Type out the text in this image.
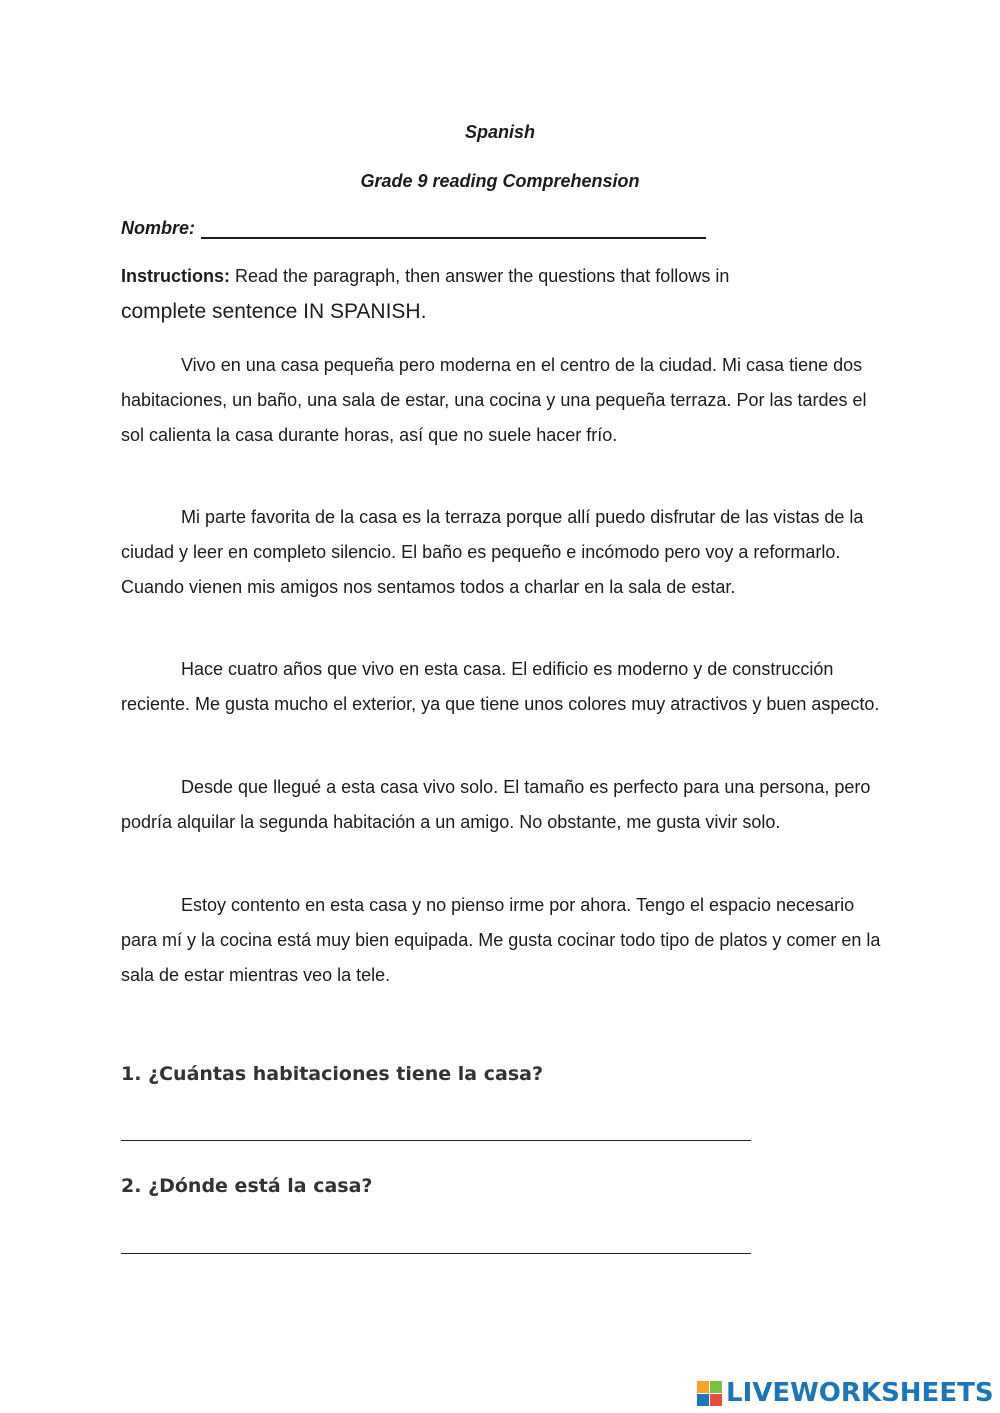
Spanish
Grade 9 reading Comprehension
Nombre:
Instructions: Read the paragraph, then answer the questions that follows in
complete sentence IN SPANISH.

Vivo en una casa pequeña pero moderna en el centro de la ciudad. Mi casa tiene dos habitaciones, un baño, una sala de estar, una cocina y una pequeña terraza. Por las tardes el sol calienta la casa durante horas, así que no suele hacer frío.

Mi parte favorita de la casa es la terraza porque allí puedo disfrutar de las vistas de la ciudad y leer en completo silencio. El baño es pequeño e incómodo pero voy a reformarlo. Cuando vienen mis amigos nos sentamos todos a charlar en la sala de estar.

Hace cuatro años que vivo en esta casa. El edificio es moderno y de construcción reciente. Me gusta mucho el exterior, ya que tiene unos colores muy atractivos y buen aspecto.

Desde que llegué a esta casa vivo solo. El tamaño es perfecto para una persona, pero podría alquilar la segunda habitación a un amigo. No obstante, me gusta vivir solo.

Estoy contento en esta casa y no pienso irme por ahora. Tengo el espacio necesario para mí y la cocina está muy bien equipada. Me gusta cocinar todo tipo de platos y comer en la sala de estar mientras veo la tele.

1. ¿Cuántas habitaciones tiene la casa?
2. ¿Dónde está la casa?
LIVEWORKSHEETS
